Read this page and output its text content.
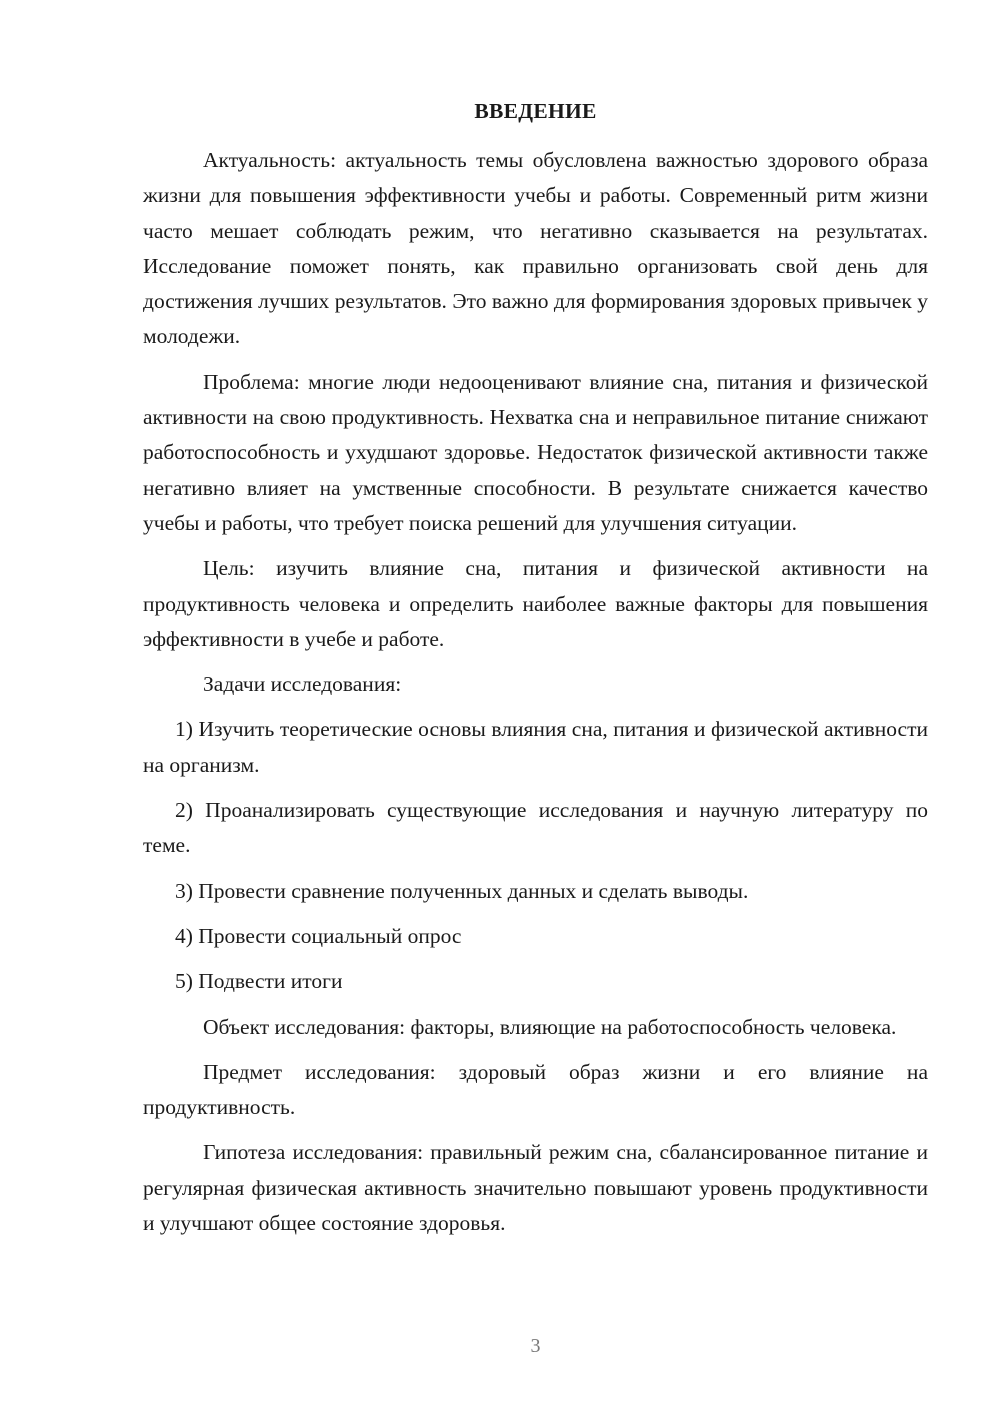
ВВЕДЕНИЕ

Актуальность: актуальность темы обусловлена важностью здорового образа жизни для повышения эффективности учебы и работы. Современный ритм жизни часто мешает соблюдать режим, что негативно сказывается на результатах. Исследование поможет понять, как правильно организовать свой день для достижения лучших результатов. Это важно для формирования здоровых привычек у молодежи.

Проблема: многие люди недооценивают влияние сна, питания и физической активности на свою продуктивность. Нехватка сна и неправильное питание снижают работоспособность и ухудшают здоровье. Недостаток физической активности также негативно влияет на умственные способности. В результате снижается качество учебы и работы, что требует поиска решений для улучшения ситуации.

Цель: изучить влияние сна, питания и физической активности на продуктивность человека и определить наиболее важные факторы для повышения эффективности в учебе и работе.

Задачи исследования:

1) Изучить теоретические основы влияния сна, питания и физической активности на организм.

2) Проанализировать существующие исследования и научную литературу по теме.

3) Провести сравнение полученных данных и сделать выводы.

4) Провести социальный опрос

5) Подвести итоги

Объект исследования: факторы, влияющие на работоспособность человека.

Предмет исследования: здоровый образ жизни и его влияние на продуктивность.

Гипотеза исследования: правильный режим сна, сбалансированное питание и регулярная физическая активность значительно повышают уровень продуктивности и улучшают общее состояние здоровья.

3
